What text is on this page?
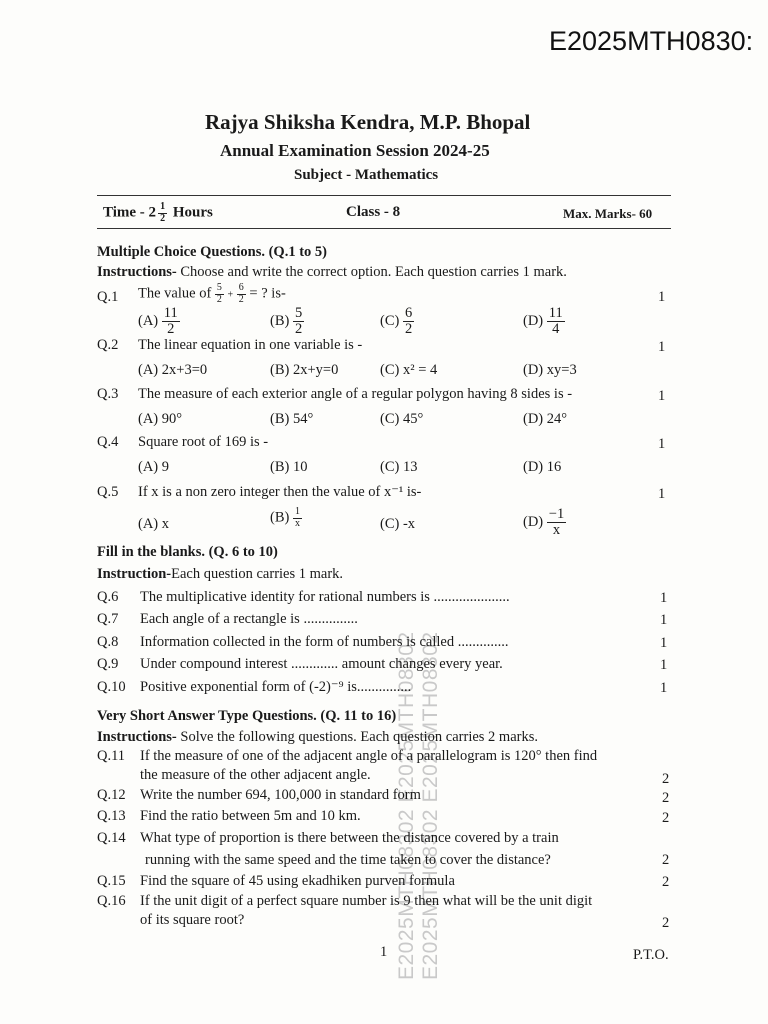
E2025MTH0830:
E2025MTH08302 E2025MTH08302 E2025MTH08302 E2025MTH08302
Rajya Shiksha Kendra, M.P. Bhopal
Annual Examination Session 2024-25
Subject - Mathematics
Time - $2 \frac{1}{2}$ Hours	Class - 8	Max. Marks- 60
Multiple Choice Questions. (Q.1 to 5)
Instructions- Choose and write the correct option. Each question carries 1 mark.
Q.1 The value of $\frac{5}{2} + \frac{6}{2}$ = ? is-	1
$(A) \frac{11}{2}$	$(B) \frac{5}{2}$	$(C) \frac{6}{2}$	$(D) \frac{11}{4}$
Q.2 The linear equation in one variable is -	1
(A) 2x+3=0	(B) 2x+y=0	(C) x² = 4	(D) xy=3
Q.3 The measure of each exterior angle of a regular polygon having 8 sides is -	1
(A) 90°	(B) 54°	(C) 45°	(D) 24°
Q.4 Square root of 169 is -	1
(A) 9	(B) 10	(C) 13	(D) 16
Q.5 If x is a non zero integer then the value of x⁻¹ is-	1
(A) x	$(B) \frac{1}{x}$	(C) -x	$(D) \frac{-1}{x}$
Fill in the blanks. (Q. 6 to 10)
Instruction-Each question carries 1 mark.
Q.6 The multiplicative identity for rational numbers is .....................	1
Q.7 Each angle of a rectangle is ...............	1
Q.8 Information collected in the form of numbers is called ..............	1
Q.9 Under compound interest ............. amount changes every year.	1
Q.10 Positive exponential form of (-2)⁻⁹ is...............	1
Very Short Answer Type Questions. (Q. 11 to 16)
Instructions- Solve the following questions. Each question carries 2 marks.
Q.11 If the measure of one of the adjacent angle of a parallelogram is 120° then find
the measure of the other adjacent angle.	2
Q.12 Write the number 694, 100,000 in standard form	2
Q.13 Find the ratio between 5m and 10 km.	2
Q.14 What type of proportion is there between the distance covered by a train
running with the same speed and the time taken to cover the distance?	2
Q.15 Find the square of 45 using ekadhiken purven formula	2
Q.16 If the unit digit of a perfect square number is 9 then what will be the unit digit
of its square root?	2
1	P.T.O.
